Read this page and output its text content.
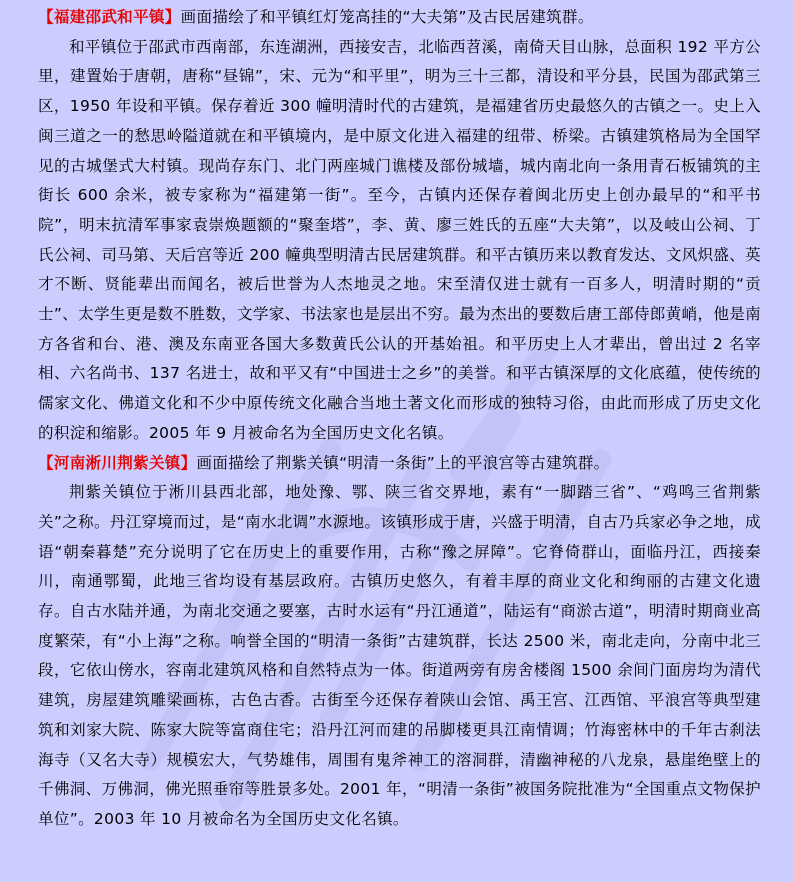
【福建邵武和平镇】画面描绘了和平镇红灯笼高挂的“大夫第”及古民居建筑群。

和平镇位于邵武市西南部，东连湖洲，西接安吉，北临西苕溪，南倚天目山脉，总面积 192 平方公里，建置始于唐朝，唐称“昼锦”，宋、元为“和平里”，明为三十三都，清设和平分县，民国为邵武第三区，1950 年设和平镇。保存着近 300 幢明清时代的古建筑，是福建省历史最悠久的古镇之一。史上入闽三道之一的愁思岭隘道就在和平镇境内，是中原文化进入福建的纽带、桥梁。古镇建筑格局为全国罕见的古城堡式大村镇。现尚存东门、北门两座城门谯楼及部份城墙，城内南北向一条用青石板铺筑的主街长 600 余米，被专家称为“福建第一街”。至今，古镇内还保存着闽北历史上创办最早的“和平书院”，明末抗清军事家袁崇焕题额的“聚奎塔”，李、黄、廖三姓氏的五座“大夫第”，以及岐山公祠、丁氏公祠、司马第、天后宫等近 200 幢典型明清古民居建筑群。和平古镇历来以教育发达、文风炽盛、英才不断、贤能辈出而闻名，被后世誉为人杰地灵之地。宋至清仅进士就有一百多人，明清时期的“贡士”、太学生更是数不胜数，文学家、书法家也是层出不穷。最为杰出的要数后唐工部侍郎黄峭，他是南方各省和台、港、澳及东南亚各国大多数黄氏公认的开基始祖。和平历史上人才辈出，曾出过 2 名宰相、六名尚书、137 名进士，故和平又有“中国进士之乡”的美誉。和平古镇深厚的文化底蕴，使传统的儒家文化、佛道文化和不少中原传统文化融合当地土著文化而形成的独特习俗，由此而形成了历史文化的积淀和缩影。2005 年 9 月被命名为全国历史文化名镇。

【河南淅川荆紫关镇】画面描绘了荆紫关镇“明清一条街”上的平浪宫等古建筑群。

荆紫关镇位于淅川县西北部，地处豫、鄂、陕三省交界地，素有“一脚踏三省”、“鸡鸣三省荆紫关”之称。丹江穿境而过，是“南水北调”水源地。该镇形成于唐，兴盛于明清，自古乃兵家必争之地，成语“朝秦暮楚”充分说明了它在历史上的重要作用，古称“豫之屏障”。它脊倚群山，面临丹江，西接秦川，南通鄂蜀，此地三省均设有基层政府。古镇历史悠久，有着丰厚的商业文化和绚丽的古建文化遗存。自古水陆并通，为南北交通之要塞，古时水运有“丹江通道”，陆运有“商淤古道”，明清时期商业高度繁荣，有“小上海”之称。响誉全国的“明清一条街”古建筑群，长达 2500 米，南北走向，分南中北三段，它依山傍水，容南北建筑风格和自然特点为一体。街道两旁有房舍楼阁 1500 余间门面房均为清代建筑，房屋建筑雕梁画栋，古色古香。古街至今还保存着陕山会馆、禹王宫、江西馆、平浪宫等典型建筑和刘家大院、陈家大院等富商住宅；沿丹江河而建的吊脚楼更具江南情调；竹海密林中的千年古刹法海寺（又名大寺）规模宏大，气势雄伟，周围有鬼斧神工的溶洞群，清幽神秘的八龙泉，悬崖绝壁上的千佛洞、万佛洞，佛光照垂帘等胜景多处。2001 年，“明清一条街”被国务院批准为“全国重点文物保护单位”。2003 年 10 月被命名为全国历史文化名镇。
